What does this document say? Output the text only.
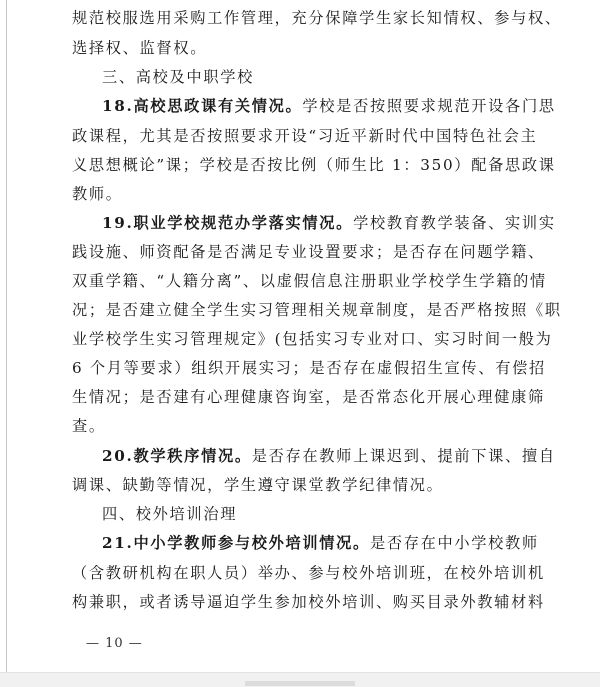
规范校服选用采购工作管理，充分保障学生家长知情权、参与权、
选择权、监督权。
三、高校及中职学校
18.高校思政课有关情况。学校是否按照要求规范开设各门思
政课程，尤其是否按照要求开设“习近平新时代中国特色社会主
义思想概论”课；学校是否按比例（师生比 1：350）配备思政课
教师。
19.职业学校规范办学落实情况。学校教育教学装备、实训实
践设施、师资配备是否满足专业设置要求；是否存在问题学籍、
双重学籍、“人籍分离”、以虚假信息注册职业学校学生学籍的情
况；是否建立健全学生实习管理相关规章制度，是否严格按照《职
业学校学生实习管理规定》(包括实习专业对口、实习时间一般为
6 个月等要求）组织开展实习；是否存在虚假招生宣传、有偿招
生情况；是否建有心理健康咨询室，是否常态化开展心理健康筛
查。
20.教学秩序情况。是否存在教师上课迟到、提前下课、擅自
调课、缺勤等情况，学生遵守课堂教学纪律情况。
四、校外培训治理
21.中小学教师参与校外培训情况。是否存在中小学校教师
（含教研机构在职人员）举办、参与校外培训班，在校外培训机
构兼职，或者诱导逼迫学生参加校外培训、购买目录外教辅材料
— 10 —
